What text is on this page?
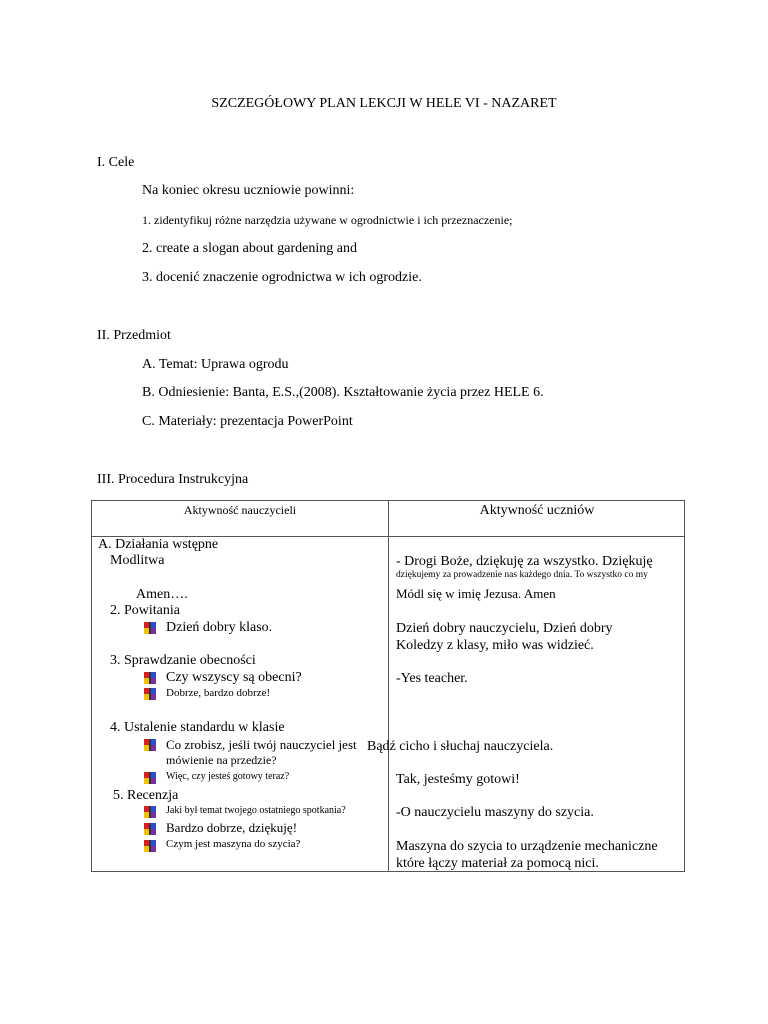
SZCZEGÓŁOWY PLAN LEKCJI W HELE VI - NAZARET
I. Cele
Na koniec okresu uczniowie powinni:
1. zidentyfikuj różne narzędzia używane w ogrodnictwie i ich przeznaczenie;
2. create a slogan about gardening and
3. docenić znaczenie ogrodnictwa w ich ogrodzie.
II. Przedmiot
A. Temat: Uprawa ogrodu
B. Odniesienie: Banta, E.S.,(2008). Kształtowanie życia przez HELE 6.
C. Materiały: prezentacja PowerPoint
III. Procedura Instrukcyjna
Aktywność nauczycieli	Aktywność uczniów
A. Działania wstępne
Modlitwa
Amen….
2. Powitania
Dzień dobry klaso.
3. Sprawdzanie obecności
Czy wszyscy są obecni?
Dobrze, bardzo dobrze!
4. Ustalenie standardu w klasie
Co zrobisz, jeśli twój nauczyciel jest
mówienie na przedzie?
Więc, czy jesteś gotowy teraz?
5. Recenzja
Jaki był temat twojego ostatniego spotkania?
Bardzo dobrze, dziękuję!
Czym jest maszyna do szycia?
- Drogi Boże, dziękuję za wszystko. Dziękuję
dziękujemy za prowadzenie nas każdego dnia. To wszystko co my
Módl się w imię Jezusa. Amen
Dzień dobry nauczycielu, Dzień dobry
Koledzy z klasy, miło was widzieć.
-Yes teacher.
Bądź cicho i słuchaj nauczyciela.
Tak, jesteśmy gotowi!
-O nauczycielu maszyny do szycia.
Maszyna do szycia to urządzenie mechaniczne
które łączy materiał za pomocą nici.
